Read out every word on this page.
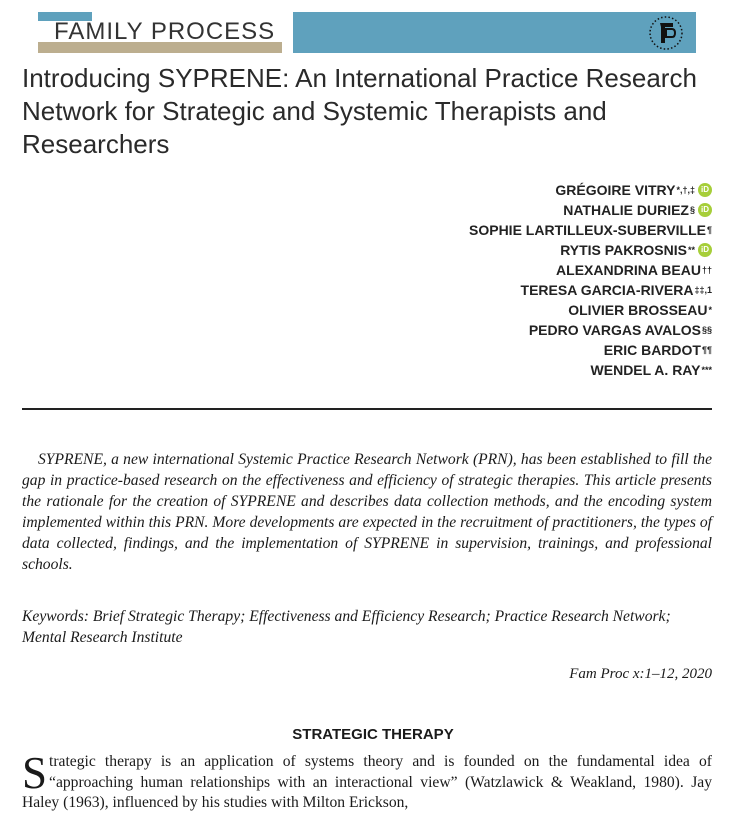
FAMILY PROCESS
Introducing SYPRENE: An International Practice Research Network for Strategic and Systemic Therapists and Researchers
GRÉGOIRE VITRY *,†,‡ iD
NATHALIE DURIEZ § iD
SOPHIE LARTILLEUX-SUBERVILLE ¶
RYTIS PAKROSNIS ** iD
ALEXANDRINA BEAU ††
TERESA GARCIA-RIVERA ‡‡,1
OLIVIER BROSSEAU *
PEDRO VARGAS AVALOS §§
ERIC BARDOT ¶¶
WENDEL A. RAY ***

SYPRENE, a new international Systemic Practice Research Network (PRN), has been established to fill the gap in practice-based research on the effectiveness and efficiency of strategic therapies. This article presents the rationale for the creation of SYPRENE and describes data collection methods, and the encoding system implemented within this PRN. More developments are expected in the recruitment of practitioners, the types of data collected, findings, and the implementation of SYPRENE in supervision, trainings, and professional schools.

Keywords: Brief Strategic Therapy; Effectiveness and Efficiency Research; Practice Research Network; Mental Research Institute

Fam Proc x:1–12, 2020
STRATEGIC THERAPY

Strategic therapy is an application of systems theory and is founded on the fundamental idea of “approaching human relationships with an interactional view” (Watzlawick & Weakland, 1980). Jay Haley (1963), influenced by his studies with Milton Erickson,
